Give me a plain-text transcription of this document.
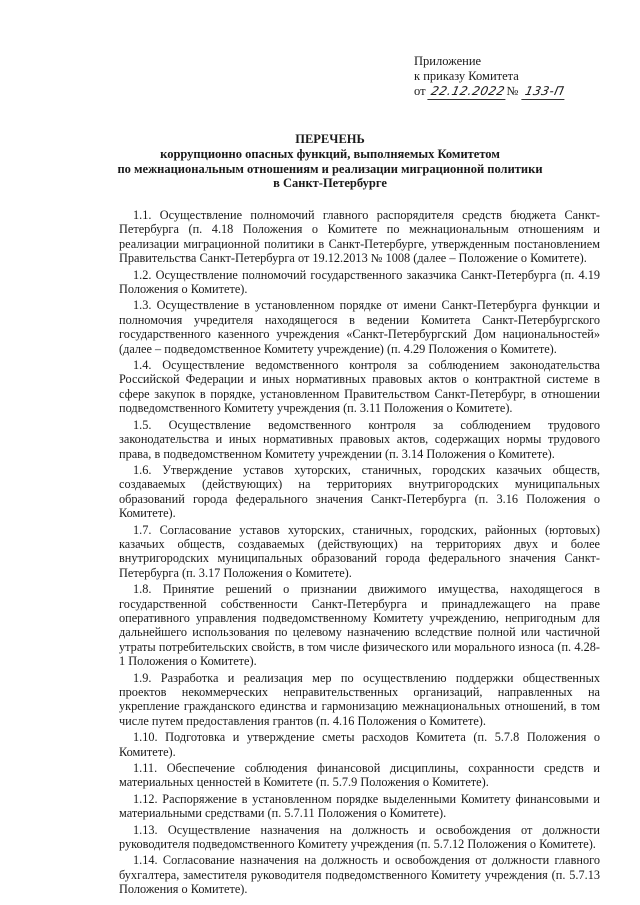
Приложение
к приказу Комитета
от 22.12.2022№ 133-П
ПЕРЕЧЕНЬ
коррупционно опасных функций, выполняемых Комитетом
по межнациональным отношениям и реализации миграционной политики
в Санкт-Петербурге

1.1. Осуществление полномочий главного распорядителя средств бюджета Санкт-Петербурга (п. 4.18 Положения о Комитете по межнациональным отношениям и реализации миграционной политики в Санкт-Петербурге, утвержденным постановлением Правительства Санкт-Петербурга от 19.12.2013 № 1008 (далее – Положение о Комитете).

1.2. Осуществление полномочий государственного заказчика Санкт-Петербурга (п. 4.19 Положения о Комитете).

1.3. Осуществление в установленном порядке от имени Санкт-Петербурга функции и полномочия учредителя находящегося в ведении Комитета Санкт-Петербургского государственного казенного учреждения «Санкт-Петербургский Дом национальностей» (далее – подведомственное Комитету учреждение) (п. 4.29 Положения о Комитете).

1.4. Осуществление ведомственного контроля за соблюдением законодательства Российской Федерации и иных нормативных правовых актов о контрактной системе в сфере закупок в порядке, установленном Правительством Санкт-Петербург, в отношении подведомственного Комитету учреждения (п. 3.11 Положения о Комитете).

1.5. Осуществление ведомственного контроля за соблюдением трудового законодательства и иных нормативных правовых актов, содержащих нормы трудового права, в подведомственном Комитету учреждении (п. 3.14 Положения о Комитете).

1.6. Утверждение уставов хуторских, станичных, городских казачьих обществ, создаваемых (действующих) на территориях внутригородских муниципальных образований города федерального значения Санкт-Петербурга (п. 3.16 Положения о Комитете).

1.7. Согласование уставов хуторских, станичных, городских, районных (юртовых) казачьих обществ, создаваемых (действующих) на территориях двух и более внутригородских муниципальных образований города федерального значения Санкт-Петербурга (п. 3.17 Положения о Комитете).

1.8. Принятие решений о признании движимого имущества, находящегося в государственной собственности Санкт-Петербурга и принадлежащего на праве оперативного управления подведомственному Комитету учреждению, непригодным для дальнейшего использования по целевому назначению вследствие полной или частичной утраты потребительских свойств, в том числе физического или морального износа (п. 4.28-1 Положения о Комитете).

1.9. Разработка и реализация мер по осуществлению поддержки общественных проектов некоммерческих неправительственных организаций, направленных на укрепление гражданского единства и гармонизацию межнациональных отношений, в том числе путем предоставления грантов (п. 4.16 Положения о Комитете).

1.10. Подготовка и утверждение сметы расходов Комитета (п. 5.7.8 Положения о Комитете).

1.11. Обеспечение соблюдения финансовой дисциплины, сохранности средств и материальных ценностей в Комитете (п. 5.7.9 Положения о Комитете).

1.12. Распоряжение в установленном порядке выделенными Комитету финансовыми и материальными средствами (п. 5.7.11 Положения о Комитете).

1.13. Осуществление назначения на должность и освобождения от должности руководителя подведомственного Комитету учреждения (п. 5.7.12 Положения о Комитете).

1.14. Согласование назначения на должность и освобождения от должности главного бухгалтера, заместителя руководителя подведомственного Комитету учреждения (п. 5.7.13 Положения о Комитете).
